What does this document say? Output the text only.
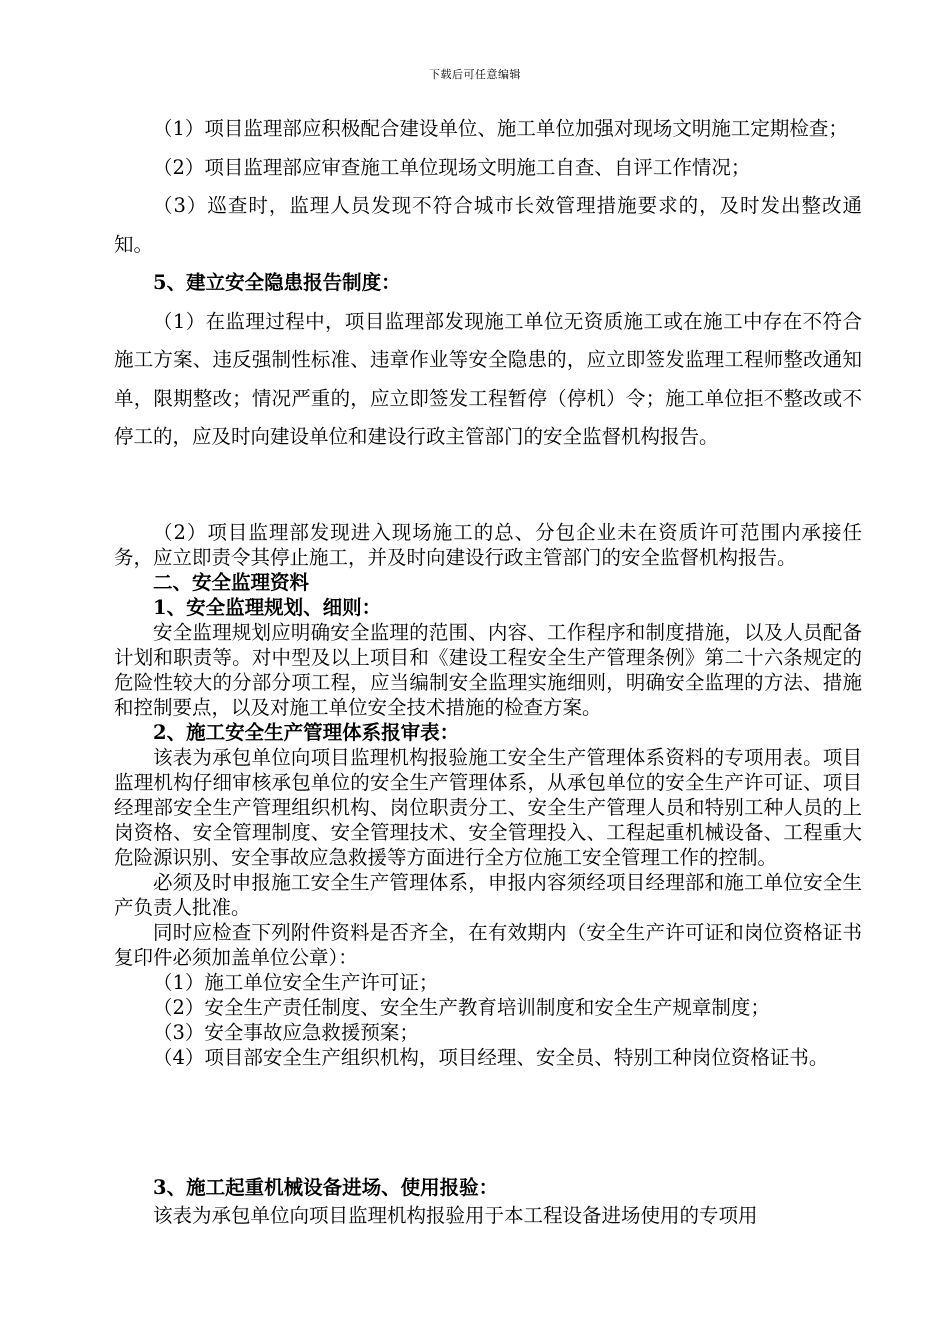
下载后可任意编辑

（1）项目监理部应积极配合建设单位、施工单位加强对现场文明施工定期检查；

（2）项目监理部应审查施工单位现场文明施工自查、自评工作情况；

（3）巡查时，监理人员发现不符合城市长效管理措施要求的，及时发出整改通知。

5、建立安全隐患报告制度：

（1）在监理过程中，项目监理部发现施工单位无资质施工或在施工中存在不符合施工方案、违反强制性标准、违章作业等安全隐患的，应立即签发监理工程师整改通知单，限期整改；情况严重的，应立即签发工程暂停（停机）令；施工单位拒不整改或不停工的，应及时向建设单位和建设行政主管部门的安全监督机构报告。

（2）项目监理部发现进入现场施工的总、分包企业未在资质许可范围内承接任务，应立即责令其停止施工，并及时向建设行政主管部门的安全监督机构报告。

二、安全监理资料

1、安全监理规划、细则：

安全监理规划应明确安全监理的范围、内容、工作程序和制度措施，以及人员配备计划和职责等。对中型及以上项目和《建设工程安全生产管理条例》第二十六条规定的危险性较大的分部分项工程，应当编制安全监理实施细则，明确安全监理的方法、措施和控制要点，以及对施工单位安全技术措施的检查方案。

2、施工安全生产管理体系报审表：

该表为承包单位向项目监理机构报验施工安全生产管理体系资料的专项用表。项目监理机构仔细审核承包单位的安全生产管理体系，从承包单位的安全生产许可证、项目经理部安全生产管理组织机构、岗位职责分工、安全生产管理人员和特别工种人员的上岗资格、安全管理制度、安全管理技术、安全管理投入、工程起重机械设备、工程重大危险源识别、安全事故应急救援等方面进行全方位施工安全管理工作的控制。

必须及时申报施工安全生产管理体系，申报内容须经项目经理部和施工单位安全生产负责人批准。

同时应检查下列附件资料是否齐全，在有效期内（安全生产许可证和岗位资格证书复印件必须加盖单位公章）：

（1）施工单位安全生产许可证；

（2）安全生产责任制度、安全生产教育培训制度和安全生产规章制度；

（3）安全事故应急救援预案；

（4）项目部安全生产组织机构，项目经理、安全员、特别工种岗位资格证书。

3、施工起重机械设备进场、使用报验：

该表为承包单位向项目监理机构报验用于本工程设备进场使用的专项用
